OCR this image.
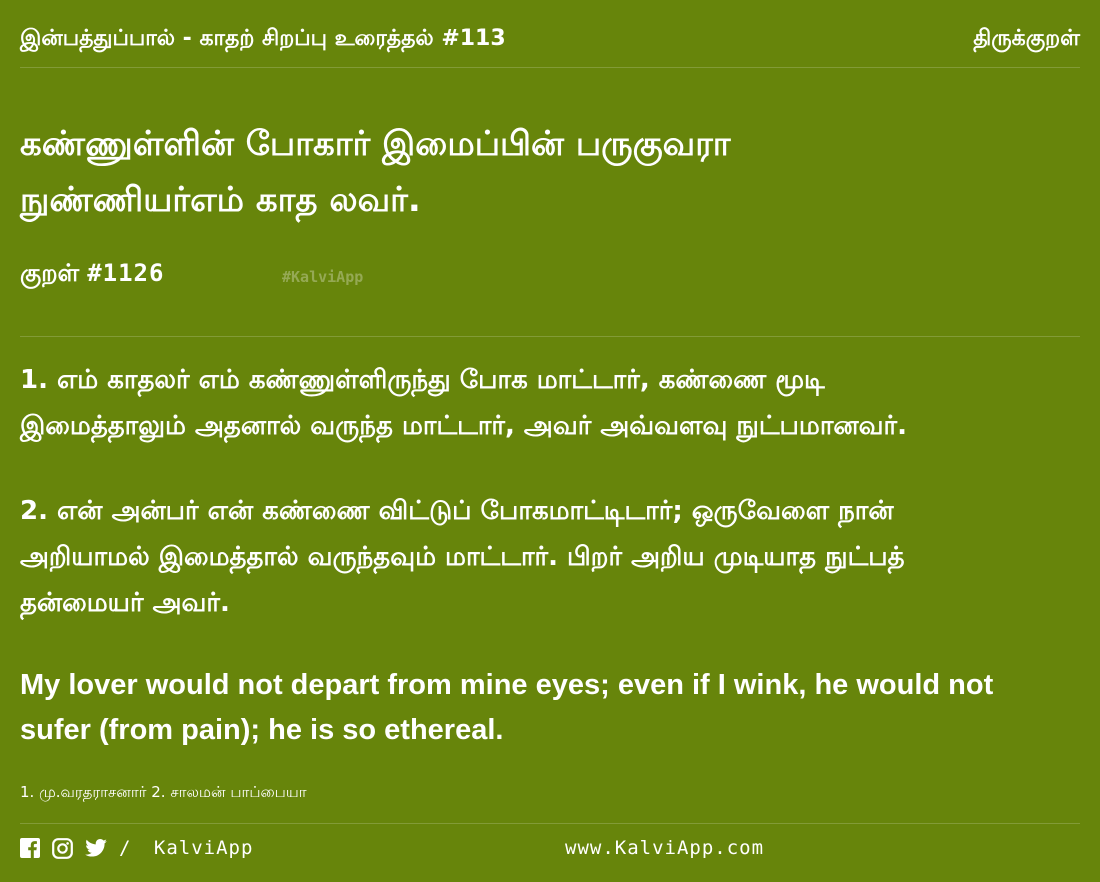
இன்பத்துப்பால் - காதற் சிறப்பு உரைத்தல் #113	திருக்குறள்
கண்ணுள்ளின் போகார் இமைப்பின் பருகுவரா
நுண்ணியர்எம் காத லவர்.
குறள் #1126	#KalviApp
1. எம் காதலர் எம் கண்ணுள்ளிருந்து போக மாட்டார், கண்ணை மூடி
இமைத்தாலும் அதனால் வருந்த மாட்டார், அவர் அவ்வளவு நுட்பமானவர்.
2. என் அன்பர் என் கண்ணை விட்டுப் போகமாட்டிடார்; ஒருவேளை நான்
அறியாமல் இமைத்தால் வருந்தவும் மாட்டார். பிறர் அறிய முடியாத நுட்பத்
தன்மையர் அவர்.
My lover would not depart from mine eyes; even if I wink, he would not
sufer (from pain); he is so ethereal.
1. மு.வரதராசனார் 2. சாலமன் பாப்பையா
/ KalviApp	www.KalviApp.com
